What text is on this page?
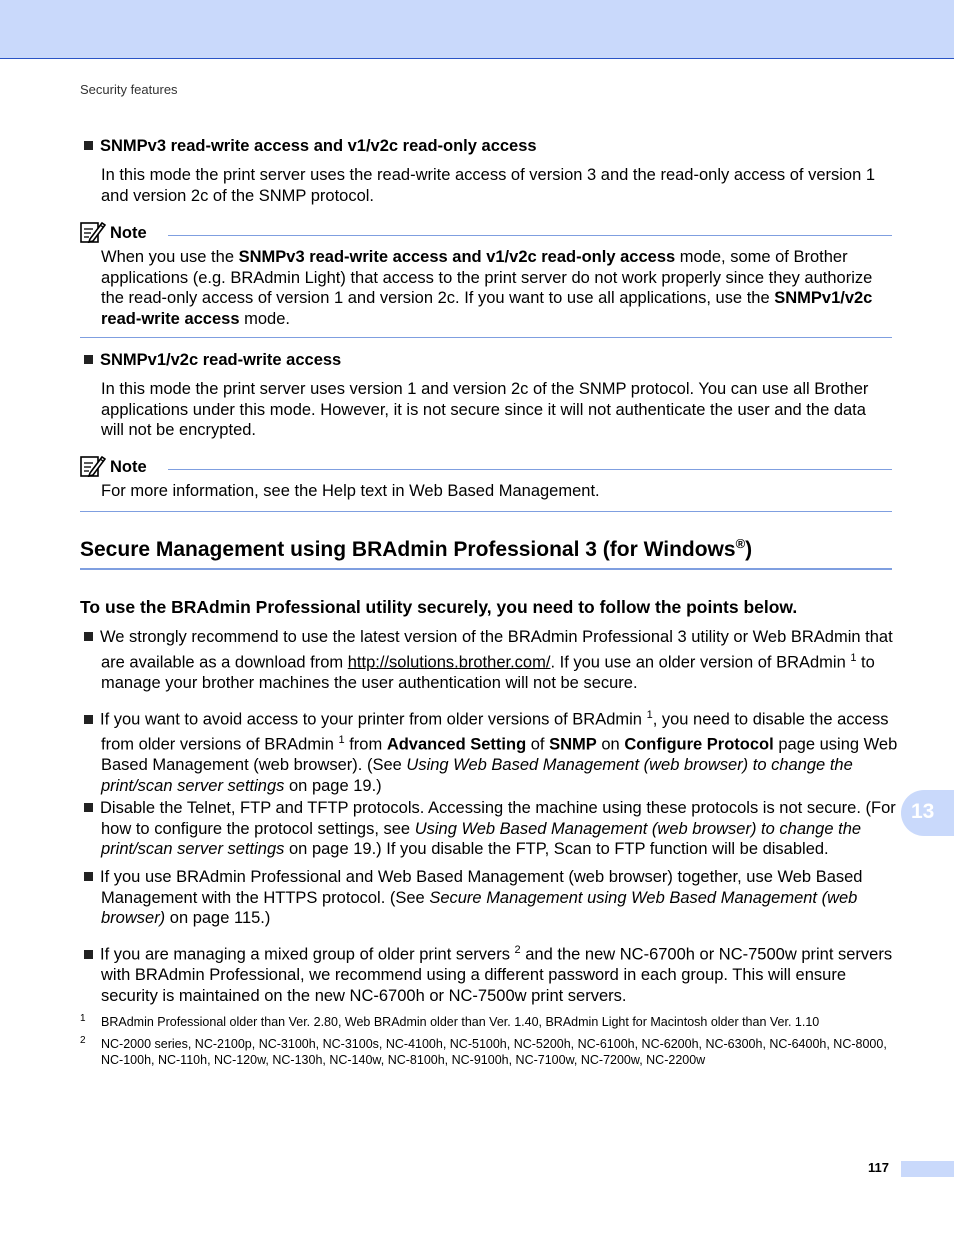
Security features
SNMPv3 read-write access and v1/v2c read-only access
In this mode the print server uses the read-write access of version 3 and the read-only access of version 1 and version 2c of the SNMP protocol.
Note
When you use the SNMPv3 read-write access and v1/v2c read-only access mode, some of Brother applications (e.g. BRAdmin Light) that access to the print server do not work properly since they authorize the read-only access of version 1 and version 2c. If you want to use all applications, use the SNMPv1/v2c read-write access mode.
SNMPv1/v2c read-write access
In this mode the print server uses version 1 and version 2c of the SNMP protocol. You can use all Brother applications under this mode. However, it is not secure since it will not authenticate the user and the data will not be encrypted.
Note
For more information, see the Help text in Web Based Management.
Secure Management using BRAdmin Professional 3 (for Windows®)
To use the BRAdmin Professional utility securely, you need to follow the points below.
We strongly recommend to use the latest version of the BRAdmin Professional 3 utility or Web BRAdmin that are available as a download from http://solutions.brother.com/. If you use an older version of BRAdmin $^1$ to manage your brother machines the user authentication will not be secure.
If you want to avoid access to your printer from older versions of BRAdmin $^1$, you need to disable the access from older versions of BRAdmin $^1$ from Advanced Setting of SNMP on Configure Protocol page using Web Based Management (web browser). (See Using Web Based Management (web browser) to change the print/scan server settings on page 19.)
Disable the Telnet, FTP and TFTP protocols. Accessing the machine using these protocols is not secure. (For how to configure the protocol settings, see Using Web Based Management (web browser) to change the print/scan server settings on page 19.) If you disable the FTP, Scan to FTP function will be disabled.
If you use BRAdmin Professional and Web Based Management (web browser) together, use Web Based Management with the HTTPS protocol. (See Secure Management using Web Based Management (web browser) on page 115.)
If you are managing a mixed group of older print servers $^2$ and the new NC-6700h or NC-7500w print servers with BRAdmin Professional, we recommend using a different password in each group. This will ensure security is maintained on the new NC-6700h or NC-7500w print servers.
1 BRAdmin Professional older than Ver. 2.80, Web BRAdmin older than Ver. 1.40, BRAdmin Light for Macintosh older than Ver. 1.10
2 NC-2000 series, NC-2100p, NC-3100h, NC-3100s, NC-4100h, NC-5100h, NC-5200h, NC-6100h, NC-6200h, NC-6300h, NC-6400h, NC-8000, NC-100h, NC-110h, NC-120w, NC-130h, NC-140w, NC-8100h, NC-9100h, NC-7100w, NC-7200w, NC-2200w
13
117
